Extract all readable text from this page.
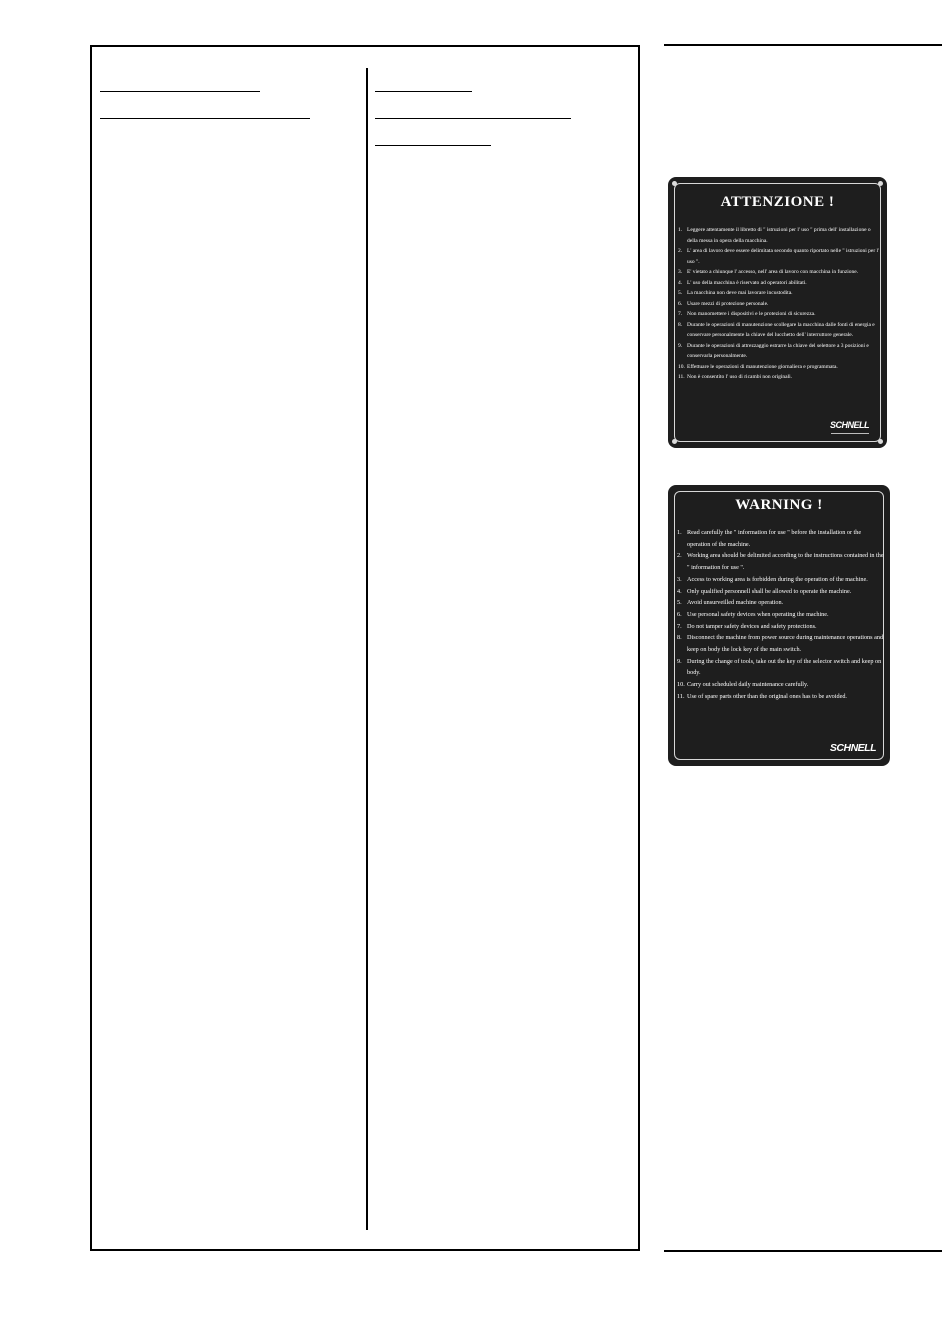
ATTENZIONE !
1. Leggere attentamente il libretto di " istruzioni per l' uso " prima dell' installazione o della messa in opera della macchina.
2. L' area di lavoro deve essere delimitata secondo quanto riportato nelle " istruzioni per l' uso ".
3. E' vietato a chiunque l' accesso, nell' area di lavoro con macchina in funzione.
4. L' uso della macchina è riservato ad operatori abilitati.
5. La macchina non deve mai lavorare incustodita.
6. Usare mezzi di protezione personale.
7. Non manomettere i dispositivi e le protezioni di sicurezza.
8. Durante le operazioni di manutenzione scollegare la macchina dalle fonti di energia e conservare personalmente la chiave del lucchetto dell' interruttore generale.
9. Durante le operazioni di attrezzaggio estrarre la chiave del selettore a 3 posizioni e conservarla personalmente.
10. Effettuare le operazioni di manutenzione giornaliera e programmata.
11. Non è consentito l' uso di ricambi non originali.
SCHNELL
WARNING !
1. Read carefully the " information for use " before the installation or the operation of the machine.
2. Working area should be delimited according to the instructions contained in the " information for use ".
3. Access to working area is forbidden during the operation of the machine.
4. Only qualified personnell shall be allowed to operate the machine.
5. Avoid unsurveilled machine operation.
6. Use personal safety devices when operating the machine.
7. Do not tamper safety devices and safety protections.
8. Disconnect the machine from power source during maintenance operations and keep on body the lock key of the main switch.
9. During the change of tools, take out the key of the selector switch and keep on body.
10. Carry out scheduled daily maintenance carefully.
11. Use of spare parts other than the original ones has to be avoided.
SCHNELL
